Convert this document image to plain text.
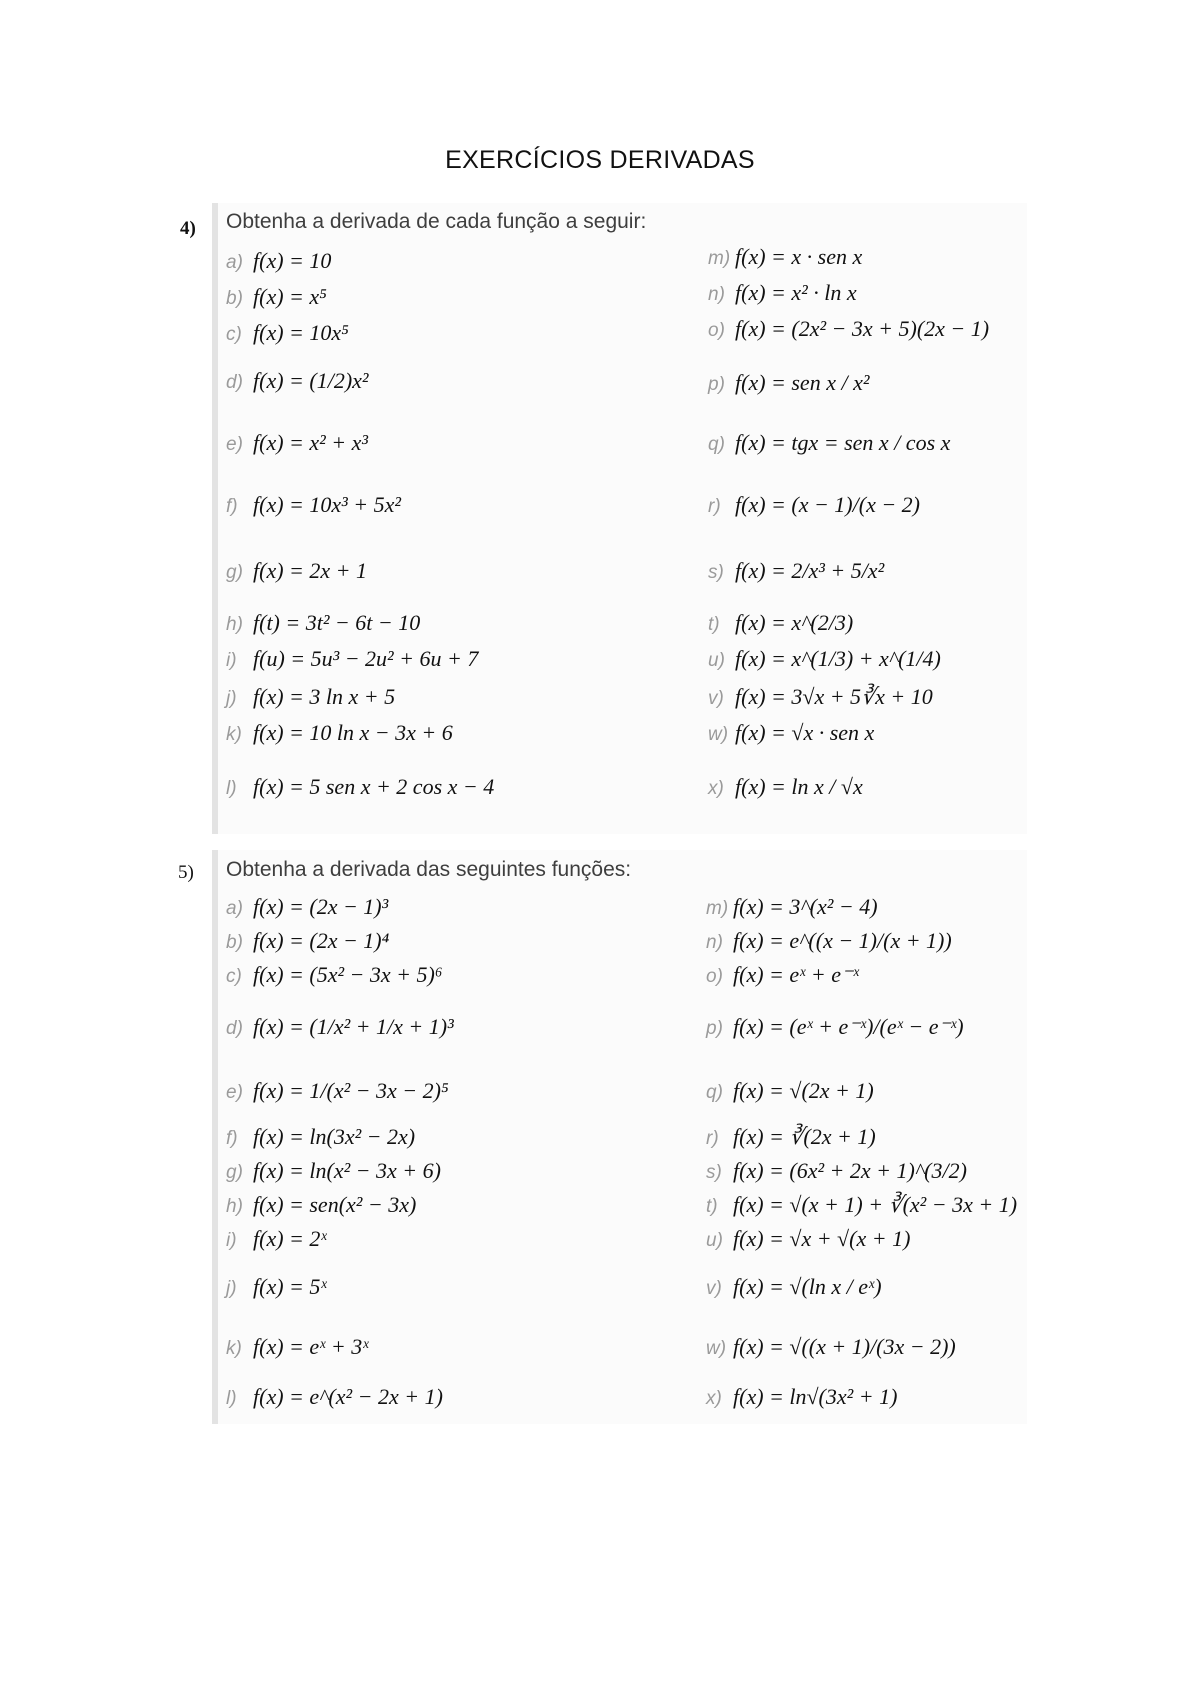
EXERCÍCIOS DERIVADAS
4) Obtenha a derivada de cada função a seguir:
a) f(x) = 10
b) f(x) = x⁵
c) f(x) = 10x⁵
d) f(x) = (1/2)x²
e) f(x) = x² + x³
f) f(x) = 10x³ + 5x²
g) f(x) = 2x + 1
h) f(t) = 3t² − 6t − 10
i) f(u) = 5u³ − 2u² + 6u + 7
j) f(x) = 3 ln x + 5
k) f(x) = 10 ln x − 3x + 6
l) f(x) = 5 sen x + 2 cos x − 4
m) f(x) = x · sen x
n) f(x) = x² · ln x
o) f(x) = (2x² − 3x + 5)(2x − 1)
p) f(x) = sen x / x²
q) f(x) = tgx = sen x / cos x
r) f(x) = (x − 1)/(x − 2)
s) f(x) = 2/x³ + 5/x²
t) f(x) = x^(2/3)
u) f(x) = x^(1/3) + x^(1/4)
v) f(x) = 3√x + 5∛x + 10
w) f(x) = √x · sen x
x) f(x) = ln x / √x
5) Obtenha a derivada das seguintes funções:
a) f(x) = (2x − 1)³
b) f(x) = (2x − 1)⁴
c) f(x) = (5x² − 3x + 5)⁶
d) f(x) = (1/x² + 1/x + 1)³
e) f(x) = 1/(x² − 3x − 2)⁵
f) f(x) = ln(3x² − 2x)
g) f(x) = ln(x² − 3x + 6)
h) f(x) = sen(x² − 3x)
i) f(x) = 2ˣ
j) f(x) = 5ˣ
k) f(x) = eˣ + 3ˣ
l) f(x) = e^(x² − 2x + 1)
m) f(x) = 3^(x² − 4)
n) f(x) = e^((x − 1)/(x + 1))
o) f(x) = eˣ + e⁻ˣ
p) f(x) = (eˣ + e⁻ˣ)/(eˣ − e⁻ˣ)
q) f(x) = √(2x + 1)
r) f(x) = ∛(2x + 1)
s) f(x) = (6x² + 2x + 1)^(3/2)
t) f(x) = √(x + 1) + ∛(x² − 3x + 1)
u) f(x) = √x + √(x + 1)
v) f(x) = √(ln x / eˣ)
w) f(x) = √((x + 1)/(3x − 2))
x) f(x) = ln√(3x² + 1)
